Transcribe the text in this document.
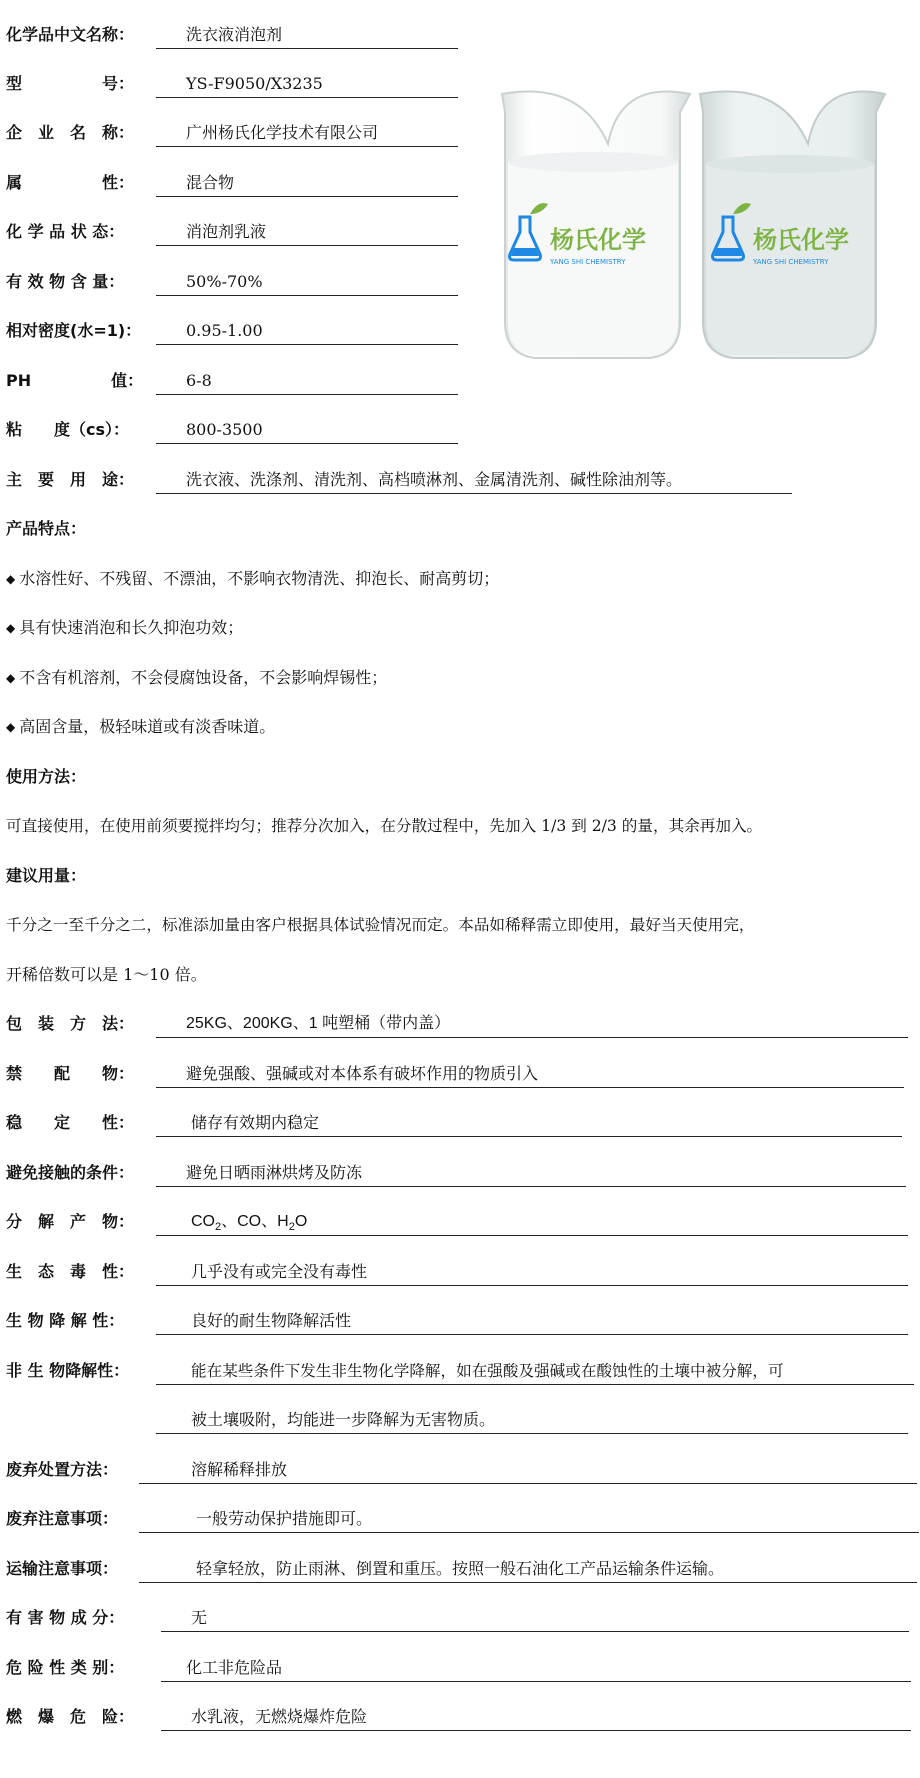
化学品中文名称：	洗衣液消泡剂
型　　　　　号：	YS-F9050/X3235
企　业　名　称：	广州杨氏化学技术有限公司
属　　　　　性：	混合物
化 学 品 状 态：	消泡剂乳液
有 效 物 含 量：	50%-70%
相对密度(水=1)：	0.95-1.00
PH　　　　　值：	6-8
粘　　度（cs）：	800-3500
主　要　用　途：	洗衣液、洗涤剂、清洗剂、高档喷淋剂、金属清洗剂、碱性除油剂等。
杨氏化学
YANG SHI CHEMISTRY
杨氏化学
YANG SHI CHEMISTRY
产品特点：
◆ 水溶性好、不残留、不漂油，不影响衣物清洗、抑泡长、耐高剪切；
◆ 具有快速消泡和长久抑泡功效；
◆ 不含有机溶剂，不会侵腐蚀设备，不会影响焊锡性；
◆ 高固含量，极轻味道或有淡香味道。
使用方法：
可直接使用，在使用前须要搅拌均匀；推荐分次加入，在分散过程中，先加入 1/3 到 2/3 的量，其余再加入。
建议用量：
千分之一至千分之二，标准添加量由客户根据具体试验情况而定。本品如稀释需立即使用，最好当天使用完，
开稀倍数可以是 1～10 倍。
包　装　方　法：	25KG、200KG、1 吨塑桶（带内盖）
禁　　配　　物：	避免强酸、强碱或对本体系有破坏作用的物质引入
稳　　定　　性：	储存有效期内稳定
避免接触的条件：	避免日晒雨淋烘烤及防冻
分　解　产　物：	$CO_2$、CO、$H_2O$
生　态　毒　性：	几乎没有或完全没有毒性
生 物 降 解 性：	良好的耐生物降解活性
非 生 物降解性：	能在某些条件下发生非生物化学降解，如在强酸及强碱或在酸蚀性的土壤中被分解，可
被土壤吸附，均能进一步降解为无害物质。
废弃处置方法：	溶解稀释排放
废弃注意事项：	一般劳动保护措施即可。
运输注意事项：	轻拿轻放，防止雨淋、倒置和重压。按照一般石油化工产品运输条件运输。
有 害 物 成 分：	无
危 险 性 类 别：	化工非危险品
燃　爆　危　险：	水乳液，无燃烧爆炸危险
